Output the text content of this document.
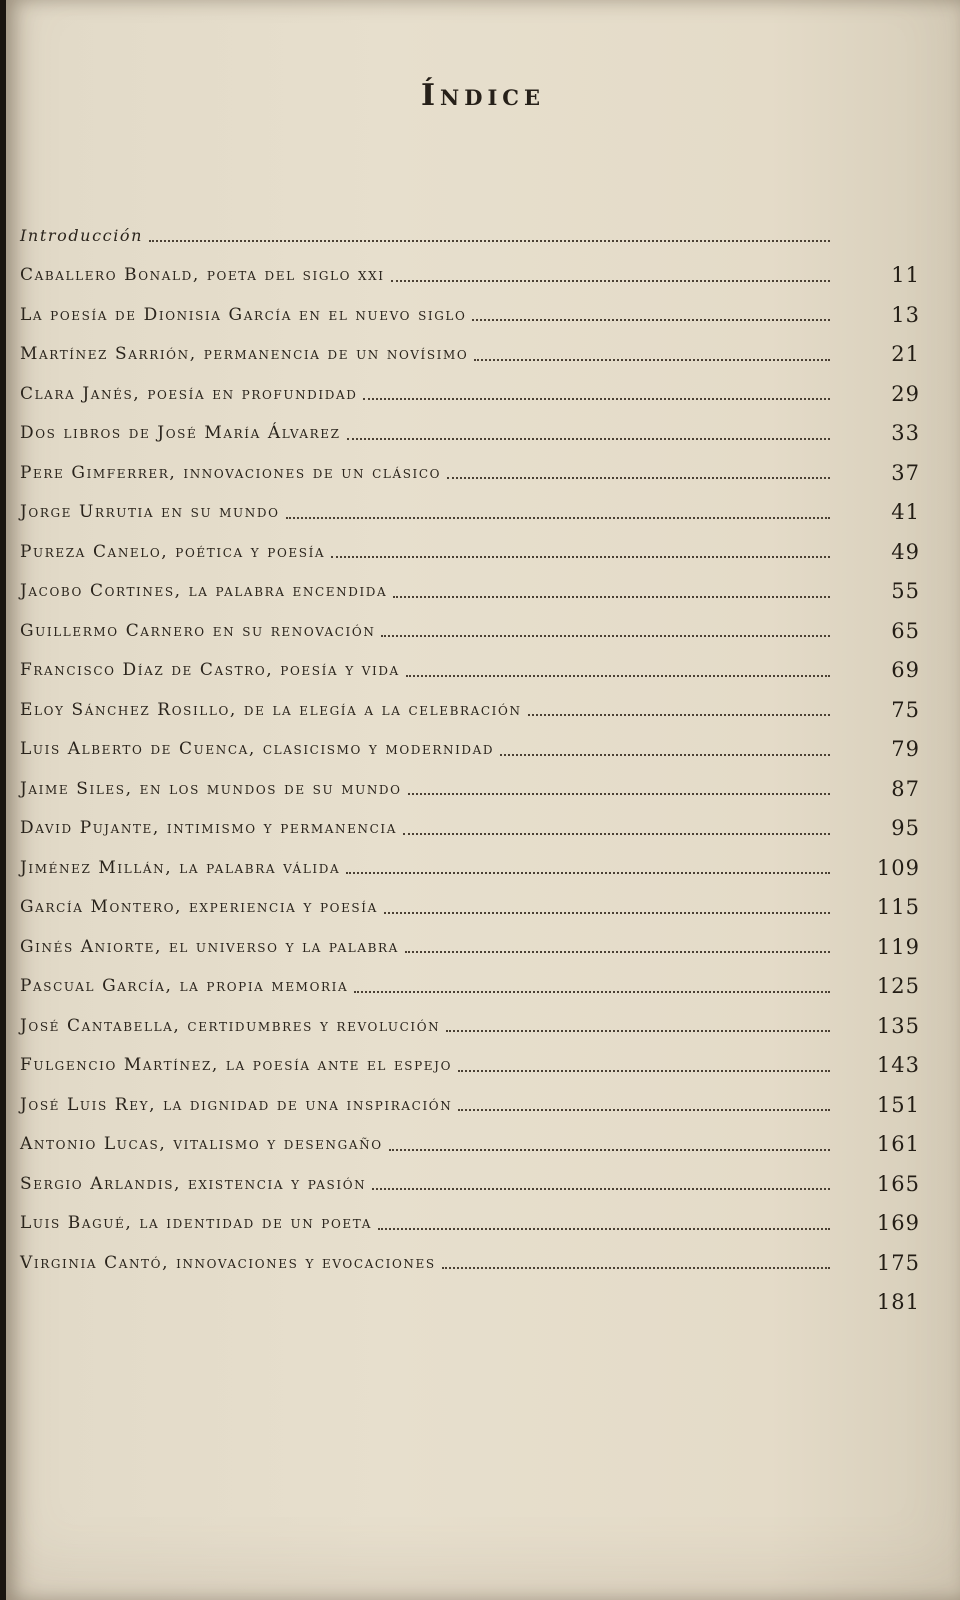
Índice
Introducción
Caballero Bonald, poeta del siglo xxi	11
La poesía de Dionisia García en el nuevo siglo	13
Martínez Sarrión, permanencia de un novísimo	21
Clara Janés, poesía en profundidad	29
Dos libros de José María Álvarez	33
Pere Gimferrer, innovaciones de un clásico	37
Jorge Urrutia en su mundo	41
Pureza Canelo, poética y poesía	49
Jacobo Cortines, la palabra encendida	55
Guillermo Carnero en su renovación	65
Francisco Díaz de Castro, poesía y vida	69
Eloy Sánchez Rosillo, de la elegía a la celebración	75
Luis Alberto de Cuenca, clasicismo y modernidad	79
Jaime Siles, en los mundos de su mundo	87
David Pujante, intimismo y permanencia	95
Jiménez Millán, la palabra válida	109
García Montero, experiencia y poesía	115
Ginés Aniorte, el universo y la palabra	119
Pascual García, la propia memoria	125
José Cantabella, certidumbres y revolución	135
Fulgencio Martínez, la poesía ante el espejo	143
José Luis Rey, la dignidad de una inspiración	151
Antonio Lucas, vitalismo y desengaño	161
Sergio Arlandis, existencia y pasión	165
Luis Bagué, la identidad de un poeta	169
Virginia Cantó, innovaciones y evocaciones	175
181
